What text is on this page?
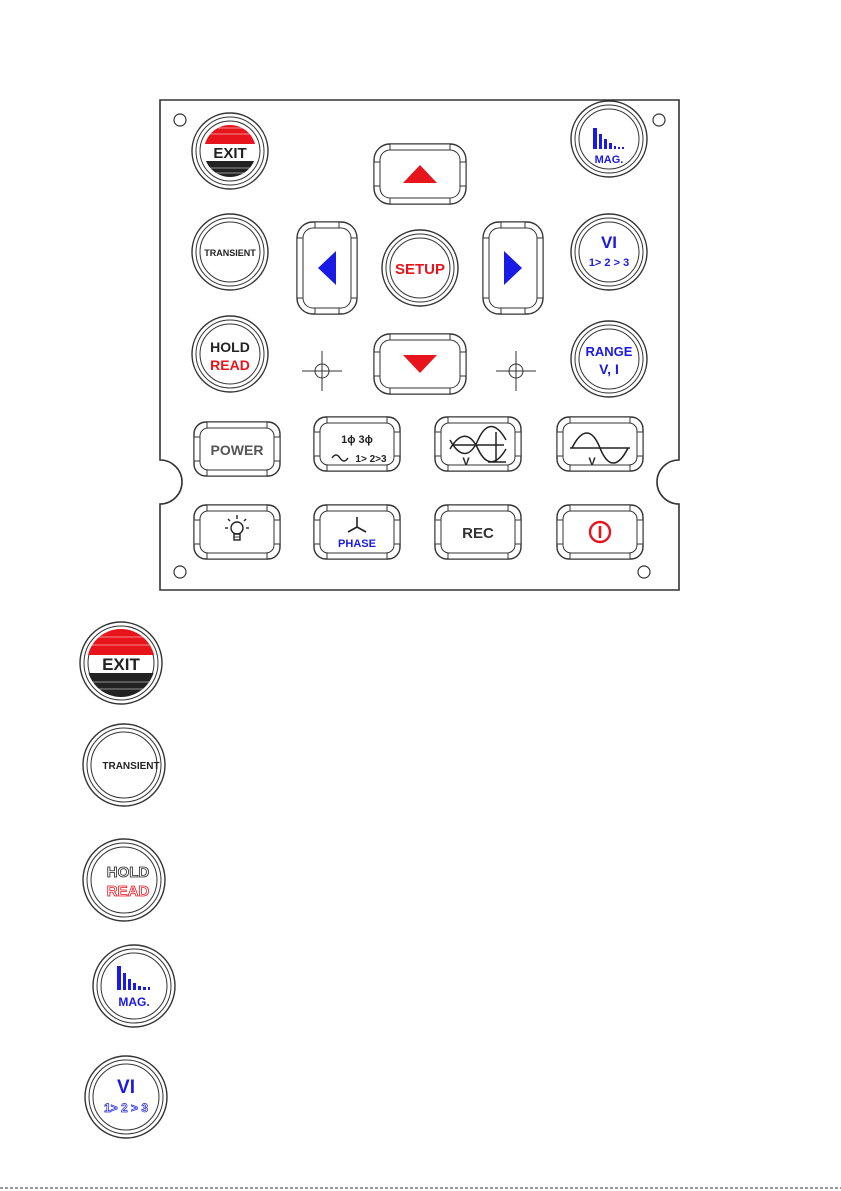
EXIT	MAG.
TRANSIENT
SETUP
VI
1> 2 > 3
HOLD
READ
RANGE
V, I
POWER
1ϕ 3ϕ
1> 2>3	V	V
PHASE
REC
EXIT
TRANSIENT
HOLD
READ
MAG.
VI
1> 2 > 3
